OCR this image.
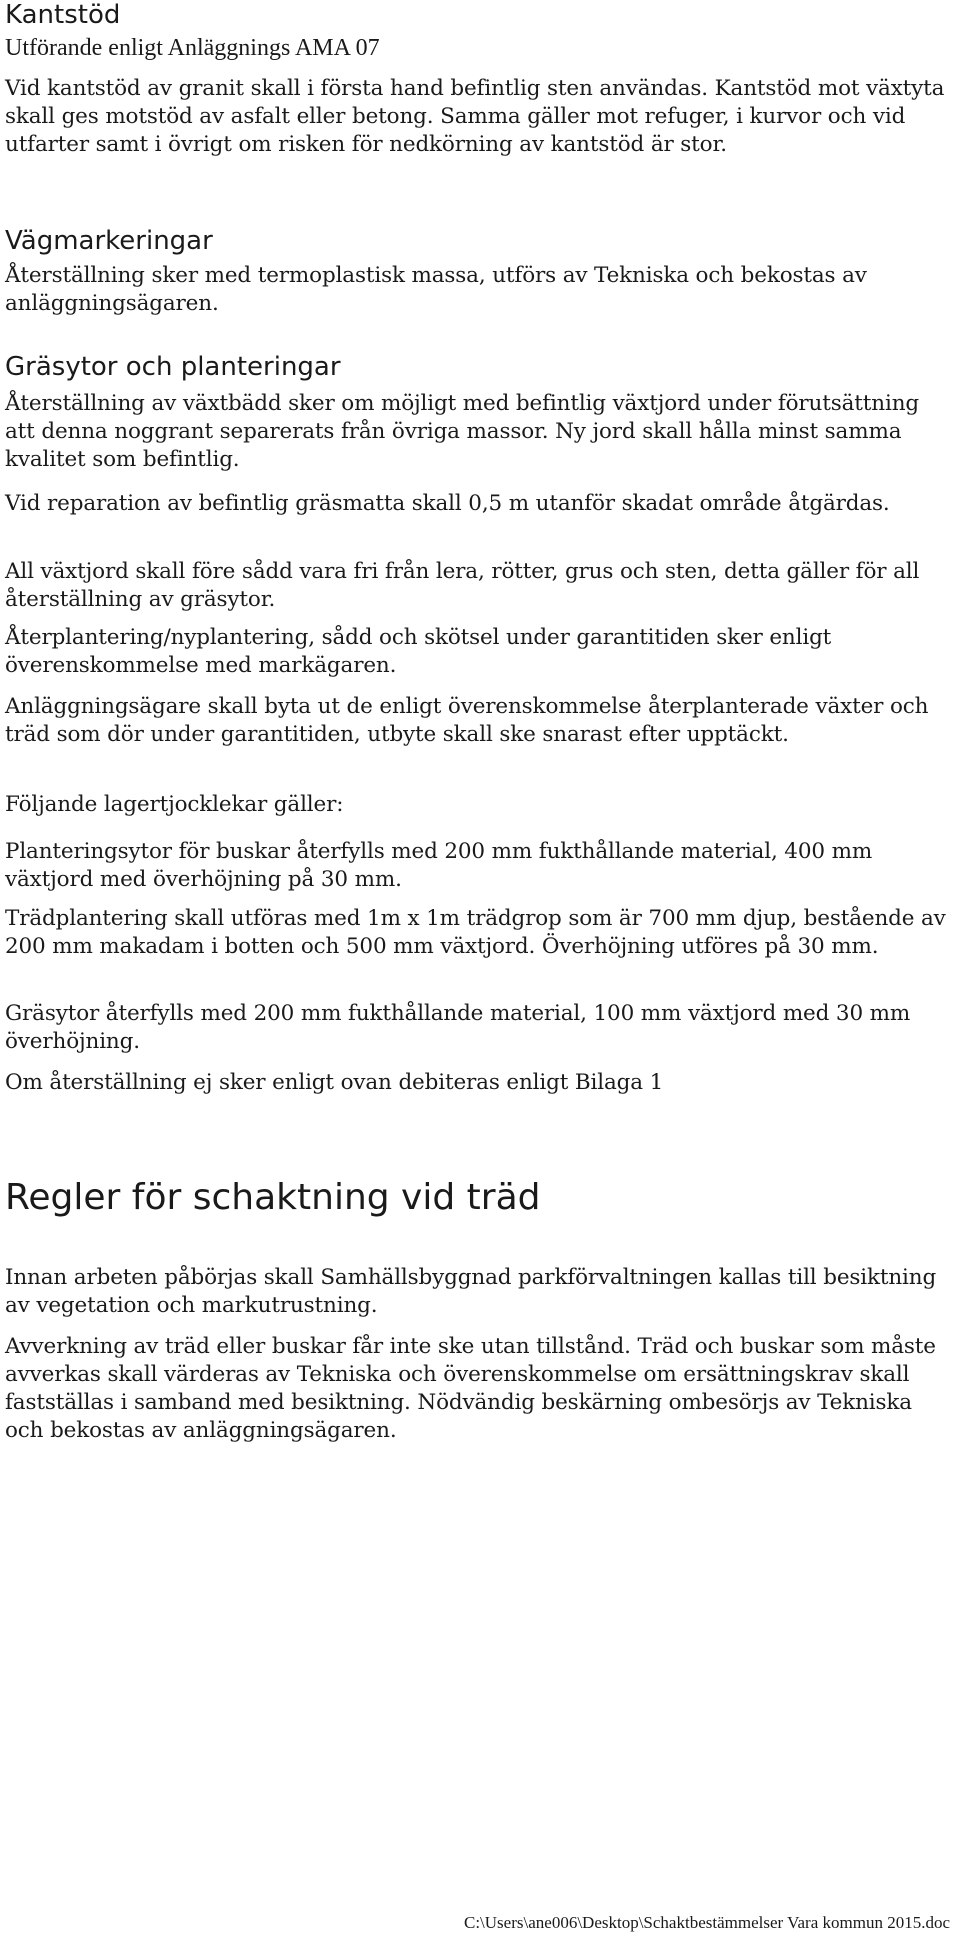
Kantstöd
Utförande enligt Anläggnings AMA 07

Vid kantstöd av granit skall i första hand befintlig sten användas. Kantstöd mot växtyta skall ges motstöd av asfalt eller betong. Samma gäller mot refuger, i kurvor och vid utfarter samt i övrigt om risken för nedkörning av kantstöd är stor.

Vägmarkeringar

Återställning sker med termoplastisk massa, utförs av Tekniska och bekostas av anläggningsägaren.

Gräsytor och planteringar

Återställning av växtbädd sker om möjligt med befintlig växtjord under förutsättning att denna noggrant separerats från övriga massor. Ny jord skall hålla minst samma kvalitet som befintlig.

Vid reparation av befintlig gräsmatta skall 0,5 m utanför skadat område åtgärdas.

All växtjord skall före sådd vara fri från lera, rötter, grus och sten, detta gäller för all återställning av gräsytor.

Återplantering/nyplantering, sådd och skötsel under garantitiden sker enligt överenskommelse med markägaren.

Anläggningsägare skall byta ut de enligt överenskommelse återplanterade växter och träd som dör under garantitiden, utbyte skall ske snarast efter upptäckt.

Följande lagertjocklekar gäller:

Planteringsytor för buskar återfylls med 200 mm fukthållande material, 400 mm växtjord med överhöjning på 30 mm.

Trädplantering skall utföras med 1m x 1m trädgrop som är 700 mm djup, bestående av 200 mm makadam i botten och 500 mm växtjord. Överhöjning utföres på 30 mm.

Gräsytor återfylls med 200 mm fukthållande material, 100 mm växtjord med 30 mm överhöjning.

Om återställning ej sker enligt ovan debiteras enligt Bilaga 1

Regler för schaktning vid träd

Innan arbeten påbörjas skall Samhällsbyggnad parkförvaltningen kallas till besiktning av vegetation och markutrustning.

Avverkning av träd eller buskar får inte ske utan tillstånd. Träd och buskar som måste avverkas skall värderas av Tekniska och överenskommelse om ersättningskrav skall fastställas i samband med besiktning. Nödvändig beskärning ombesörjs av Tekniska och bekostas av anläggningsägaren.

C:\Users\ane006\Desktop\Schaktbestämmelser Vara kommun 2015.doc
